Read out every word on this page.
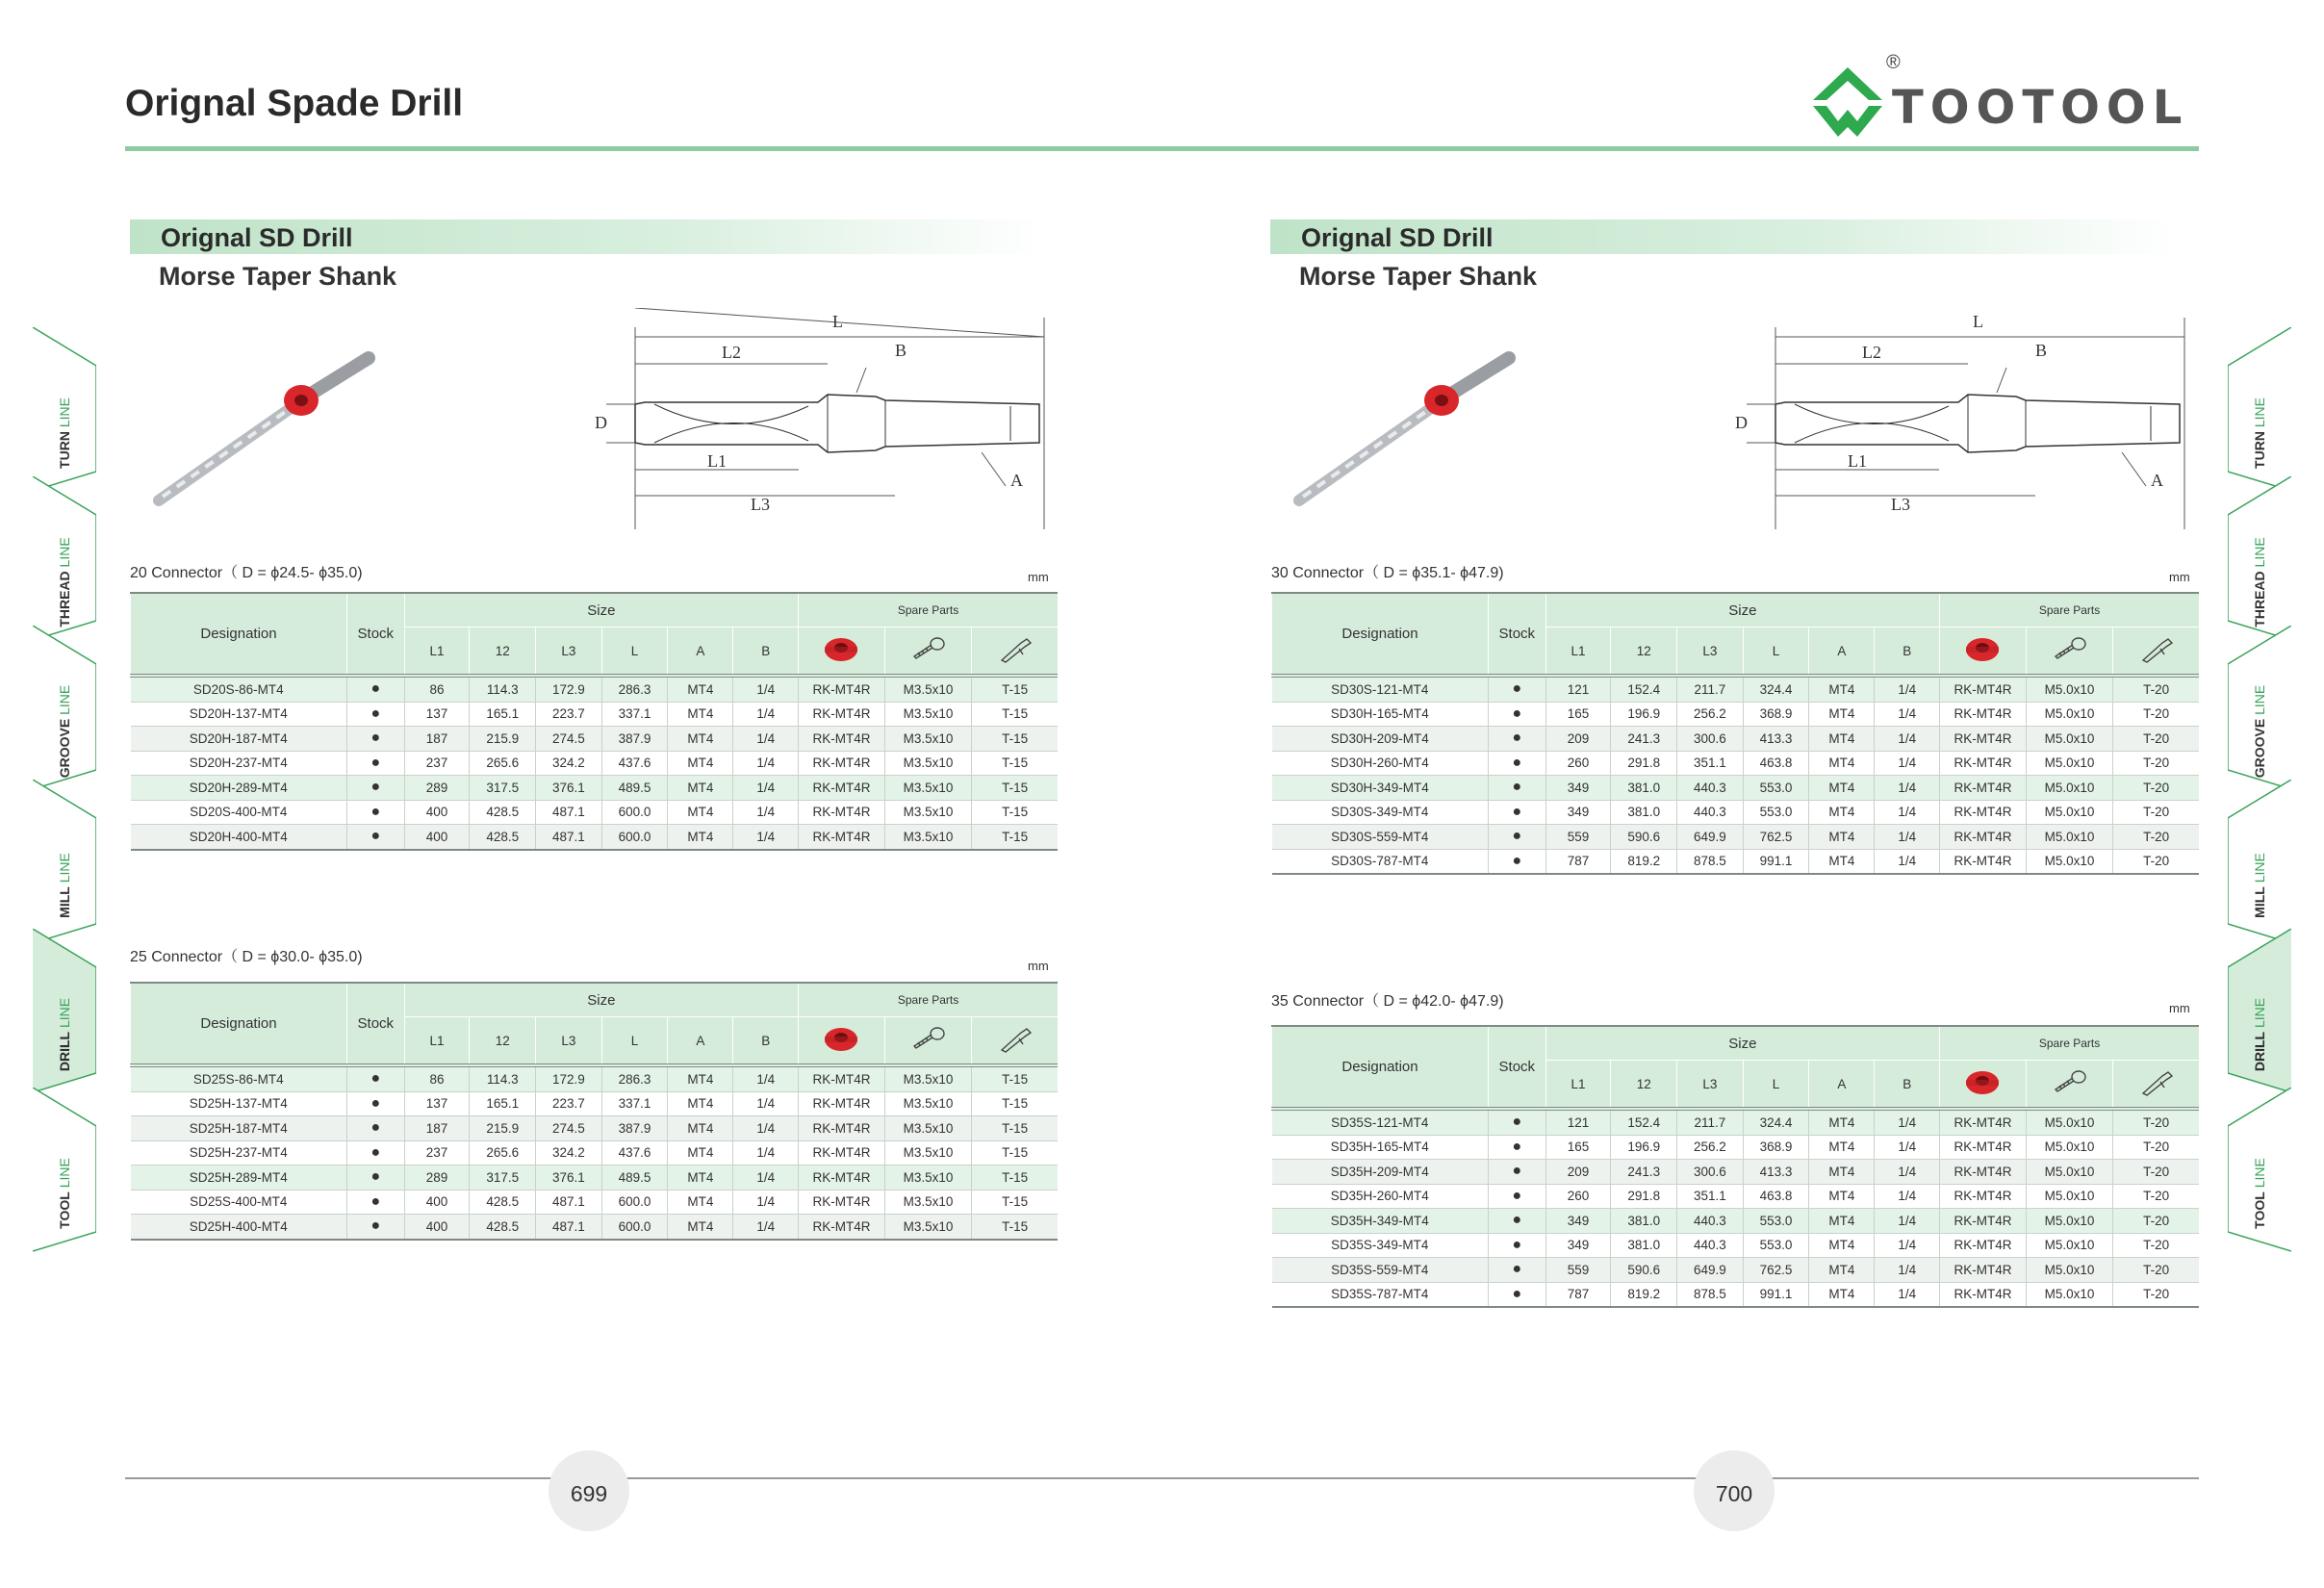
Orignal Spade Drill
®
TOOTOOL
Orignal SD Drill
Morse Taper Shank
Orignal SD Drill
Morse Taper Shank
L
L2	B
D
L1
L3
A
L
L2	B
D
L1
L3
A
20 Connector（ D = ϕ24.5- ϕ35.0)	mm
25 Connector（ D = ϕ30.0- ϕ35.0)
mm
30 Connector（ D = ϕ35.1- ϕ47.9)	mm
35 Connector（ D = ϕ42.0- ϕ47.9)	mm
Designation	Stock	Size						Spare Parts		
		L1	12	L3	L	A	B			
SD20S-86-MT4	●	86	114.3	172.9	286.3	MT4	1/4	RK-MT4R	M3.5x10	T-15
SD20H-137-MT4	●	137	165.1	223.7	337.1	MT4	1/4	RK-MT4R	M3.5x10	T-15
SD20H-187-MT4	●	187	215.9	274.5	387.9	MT4	1/4	RK-MT4R	M3.5x10	T-15
SD20H-237-MT4	●	237	265.6	324.2	437.6	MT4	1/4	RK-MT4R	M3.5x10	T-15
SD20H-289-MT4	●	289	317.5	376.1	489.5	MT4	1/4	RK-MT4R	M3.5x10	T-15
SD20S-400-MT4	●	400	428.5	487.1	600.0	MT4	1/4	RK-MT4R	M3.5x10	T-15
SD20H-400-MT4	●	400	428.5	487.1	600.0	MT4	1/4	RK-MT4R	M3.5x10	T-15
Designation	Stock	Size						Spare Parts		
		L1	12	L3	L	A	B			
SD25S-86-MT4	●	86	114.3	172.9	286.3	MT4	1/4	RK-MT4R	M3.5x10	T-15
SD25H-137-MT4	●	137	165.1	223.7	337.1	MT4	1/4	RK-MT4R	M3.5x10	T-15
SD25H-187-MT4	●	187	215.9	274.5	387.9	MT4	1/4	RK-MT4R	M3.5x10	T-15
SD25H-237-MT4	●	237	265.6	324.2	437.6	MT4	1/4	RK-MT4R	M3.5x10	T-15
SD25H-289-MT4	●	289	317.5	376.1	489.5	MT4	1/4	RK-MT4R	M3.5x10	T-15
SD25S-400-MT4	●	400	428.5	487.1	600.0	MT4	1/4	RK-MT4R	M3.5x10	T-15
SD25H-400-MT4	●	400	428.5	487.1	600.0	MT4	1/4	RK-MT4R	M3.5x10	T-15
Designation	Stock	Size						Spare Parts		
		L1	12	L3	L	A	B			
SD30S-121-MT4	●	121	152.4	211.7	324.4	MT4	1/4	RK-MT4R	M5.0x10	T-20
SD30H-165-MT4	●	165	196.9	256.2	368.9	MT4	1/4	RK-MT4R	M5.0x10	T-20
SD30H-209-MT4	●	209	241.3	300.6	413.3	MT4	1/4	RK-MT4R	M5.0x10	T-20
SD30H-260-MT4	●	260	291.8	351.1	463.8	MT4	1/4	RK-MT4R	M5.0x10	T-20
SD30H-349-MT4	●	349	381.0	440.3	553.0	MT4	1/4	RK-MT4R	M5.0x10	T-20
SD30S-349-MT4	●	349	381.0	440.3	553.0	MT4	1/4	RK-MT4R	M5.0x10	T-20
SD30S-559-MT4	●	559	590.6	649.9	762.5	MT4	1/4	RK-MT4R	M5.0x10	T-20
SD30S-787-MT4	●	787	819.2	878.5	991.1	MT4	1/4	RK-MT4R	M5.0x10	T-20
Designation	Stock	Size						Spare Parts		
		L1	12	L3	L	A	B			
SD35S-121-MT4	●	121	152.4	211.7	324.4	MT4	1/4	RK-MT4R	M5.0x10	T-20
SD35H-165-MT4	●	165	196.9	256.2	368.9	MT4	1/4	RK-MT4R	M5.0x10	T-20
SD35H-209-MT4	●	209	241.3	300.6	413.3	MT4	1/4	RK-MT4R	M5.0x10	T-20
SD35H-260-MT4	●	260	291.8	351.1	463.8	MT4	1/4	RK-MT4R	M5.0x10	T-20
SD35H-349-MT4	●	349	381.0	440.3	553.0	MT4	1/4	RK-MT4R	M5.0x10	T-20
SD35S-349-MT4	●	349	381.0	440.3	553.0	MT4	1/4	RK-MT4R	M5.0x10	T-20
SD35S-559-MT4	●	559	590.6	649.9	762.5	MT4	1/4	RK-MT4R	M5.0x10	T-20
SD35S-787-MT4	●	787	819.2	878.5	991.1	MT4	1/4	RK-MT4R	M5.0x10	T-20
TURN LINE
THREAD LINE
GROOVE LINE
MILL LINE
DRILL LINE
TOOL LINE
TURN LINE
THREAD LINE
GROOVE LINE
MILL LINE
DRILL LINE
TOOL LINE
699	700
